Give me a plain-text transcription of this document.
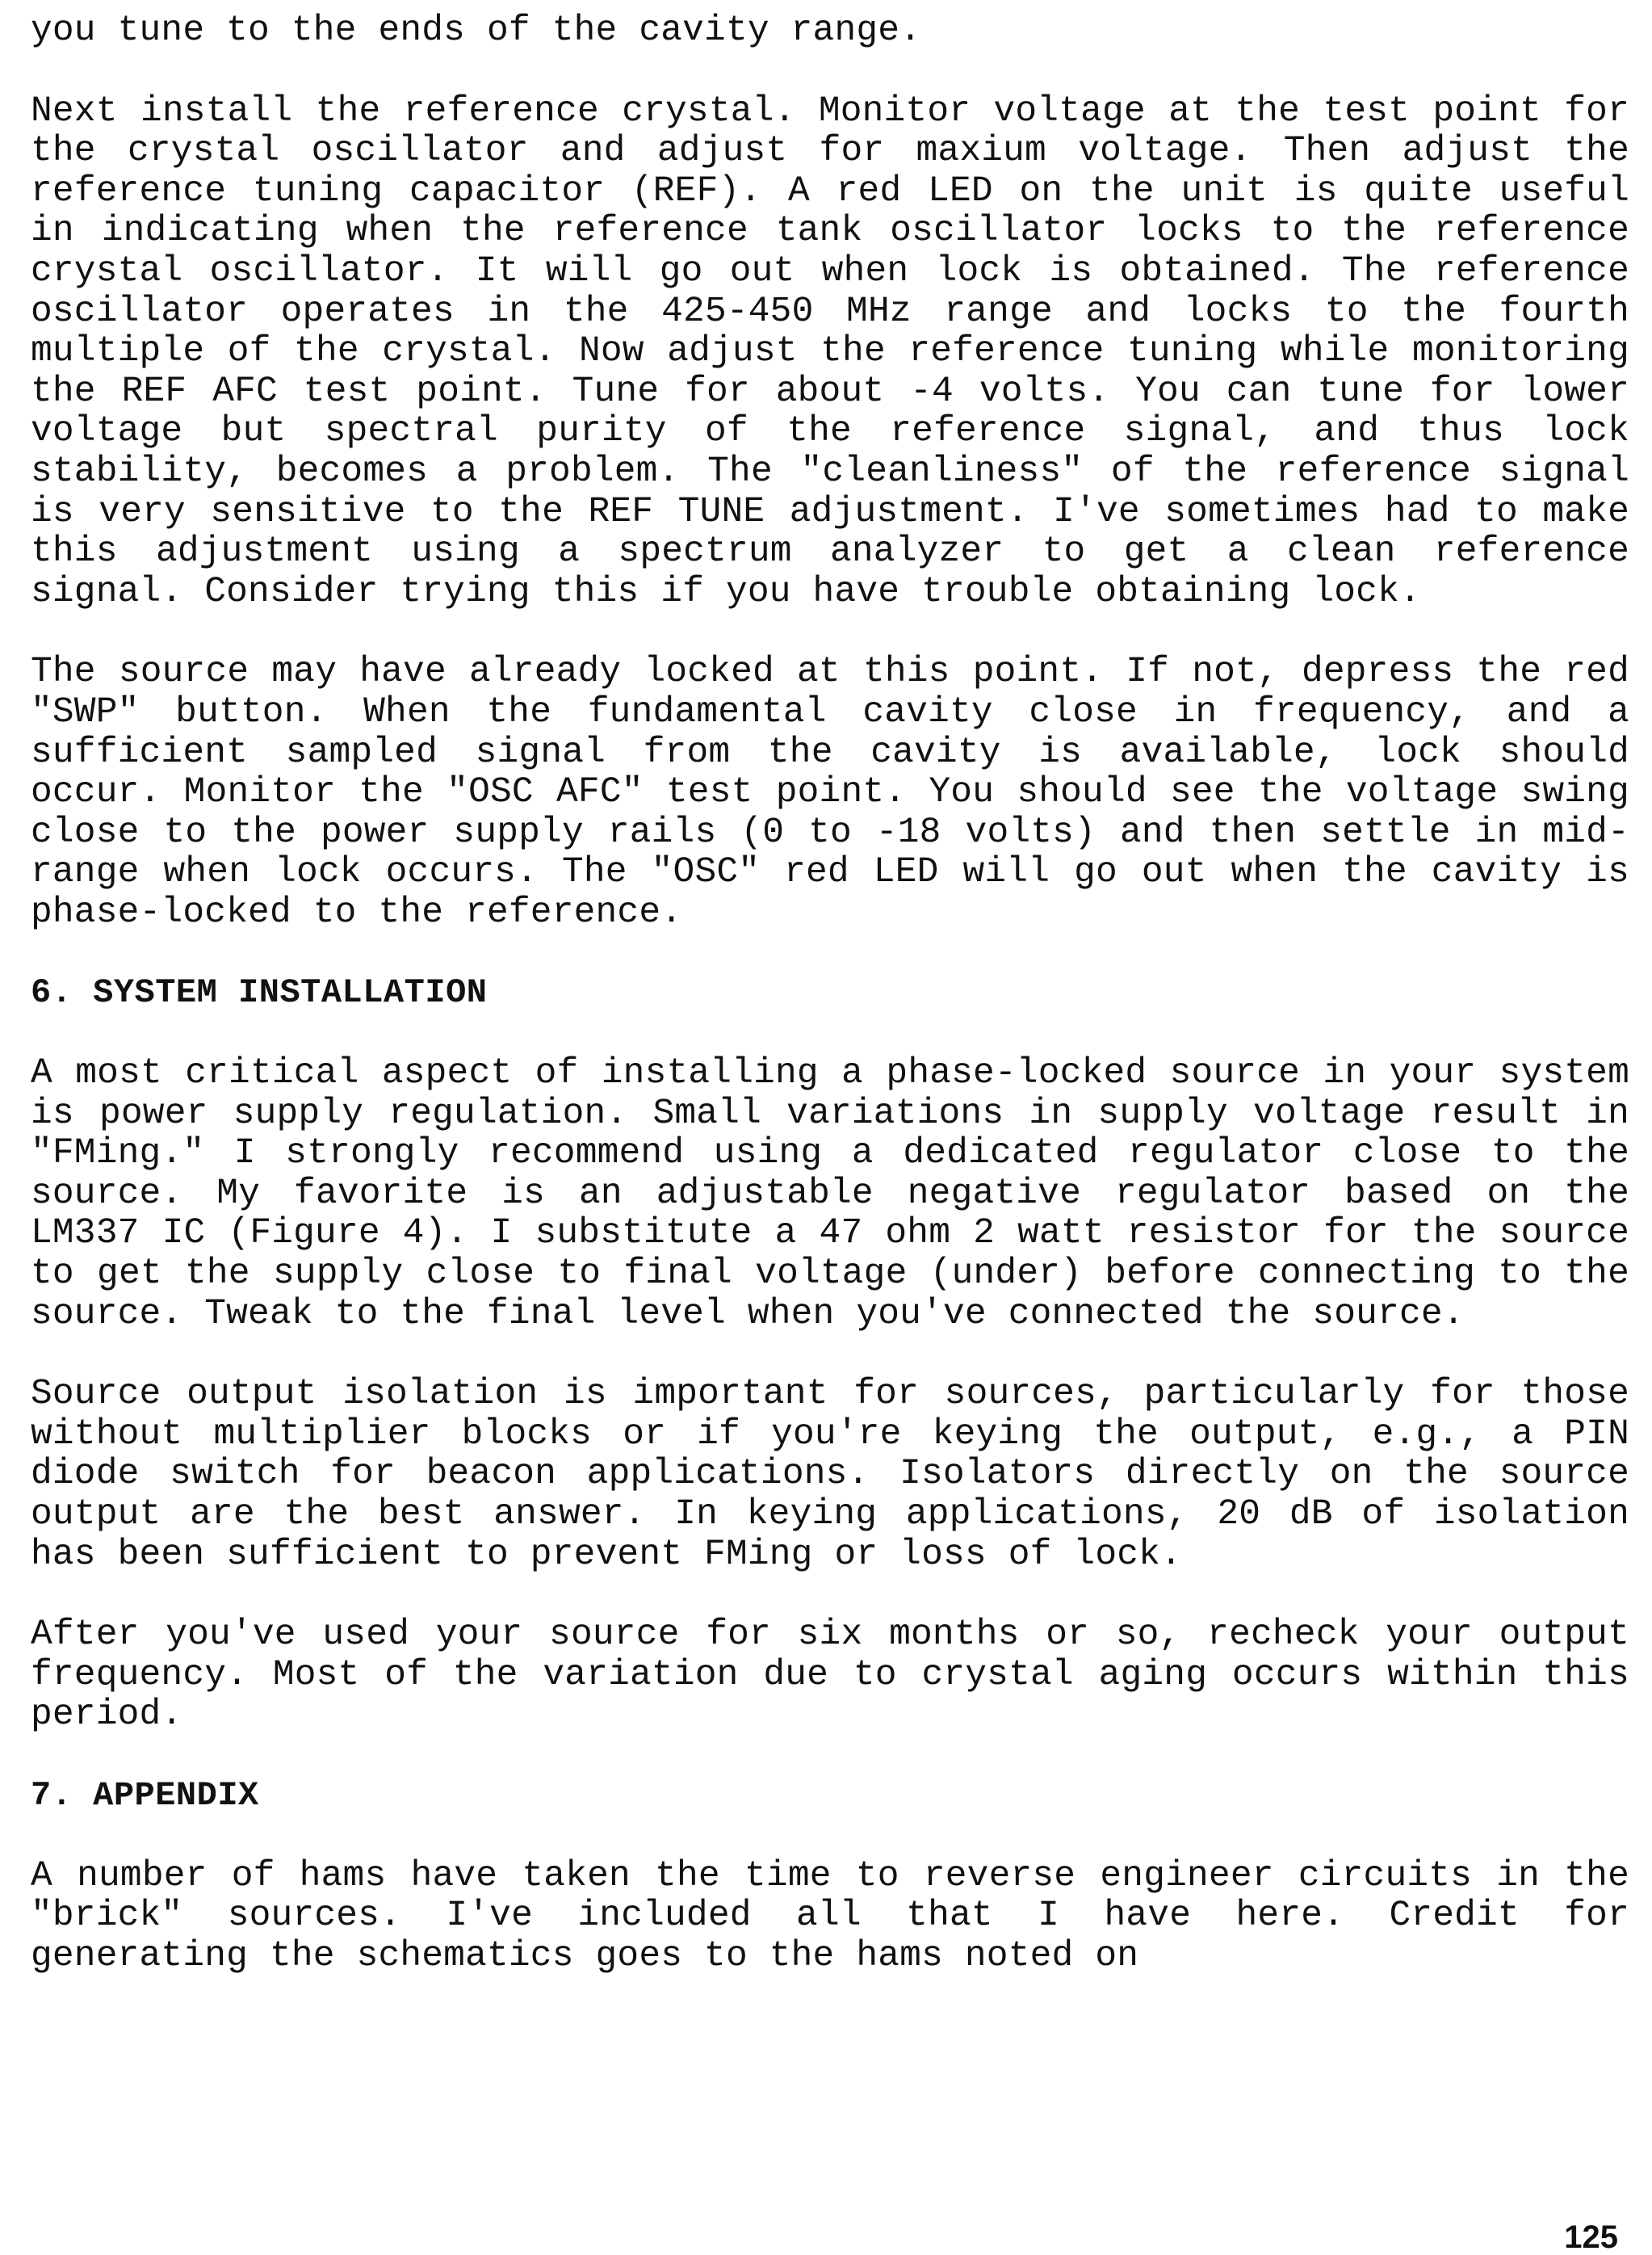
you tune to the ends of the cavity range.

Next install the reference crystal. Monitor voltage at the test point for the crystal oscillator and adjust for maxium voltage. Then adjust the reference tuning capacitor (REF). A red LED on the unit is quite useful in indicating when the reference tank oscillator locks to the reference crystal oscillator. It will go out when lock is obtained. The reference oscillator operates in the 425-450 MHz range and locks to the fourth multiple of the crystal. Now adjust the reference tuning while monitoring the REF AFC test point. Tune for about -4 volts. You can tune for lower voltage but spectral purity of the reference signal, and thus lock stability, becomes a problem. The "cleanliness" of the reference signal is very sensitive to the REF TUNE adjustment. I've sometimes had to make this adjustment using a spectrum analyzer to get a clean reference signal. Consider trying this if you have trouble obtaining lock.

The source may have already locked at this point. If not, depress the red "SWP" button. When the fundamental cavity close in frequency, and a sufficient sampled signal from the cavity is available, lock should occur. Monitor the "OSC AFC" test point. You should see the voltage swing close to the power supply rails (0 to -18 volts) and then settle in mid-range when lock occurs. The "OSC" red LED will go out when the cavity is phase-locked to the reference.

6. SYSTEM INSTALLATION

A most critical aspect of installing a phase-locked source in your system is power supply regulation. Small variations in supply voltage result in "FMing." I strongly recommend using a dedicated regulator close to the source. My favorite is an adjustable negative regulator based on the LM337 IC (Figure 4). I substitute a 47 ohm 2 watt resistor for the source to get the supply close to final voltage (under) before connecting to the source. Tweak to the final level when you've connected the source.

Source output isolation is important for sources, particularly for those without multiplier blocks or if you're keying the output, e.g., a PIN diode switch for beacon applications. Isolators directly on the source output are the best answer. In keying applications, 20 dB of isolation has been sufficient to prevent FMing or loss of lock.

After you've used your source for six months or so, recheck your output frequency. Most of the variation due to crystal aging occurs within this period.

7. APPENDIX

A number of hams have taken the time to reverse engineer circuits in the "brick" sources. I've included all that I have here. Credit for generating the schematics goes to the hams noted on

125
